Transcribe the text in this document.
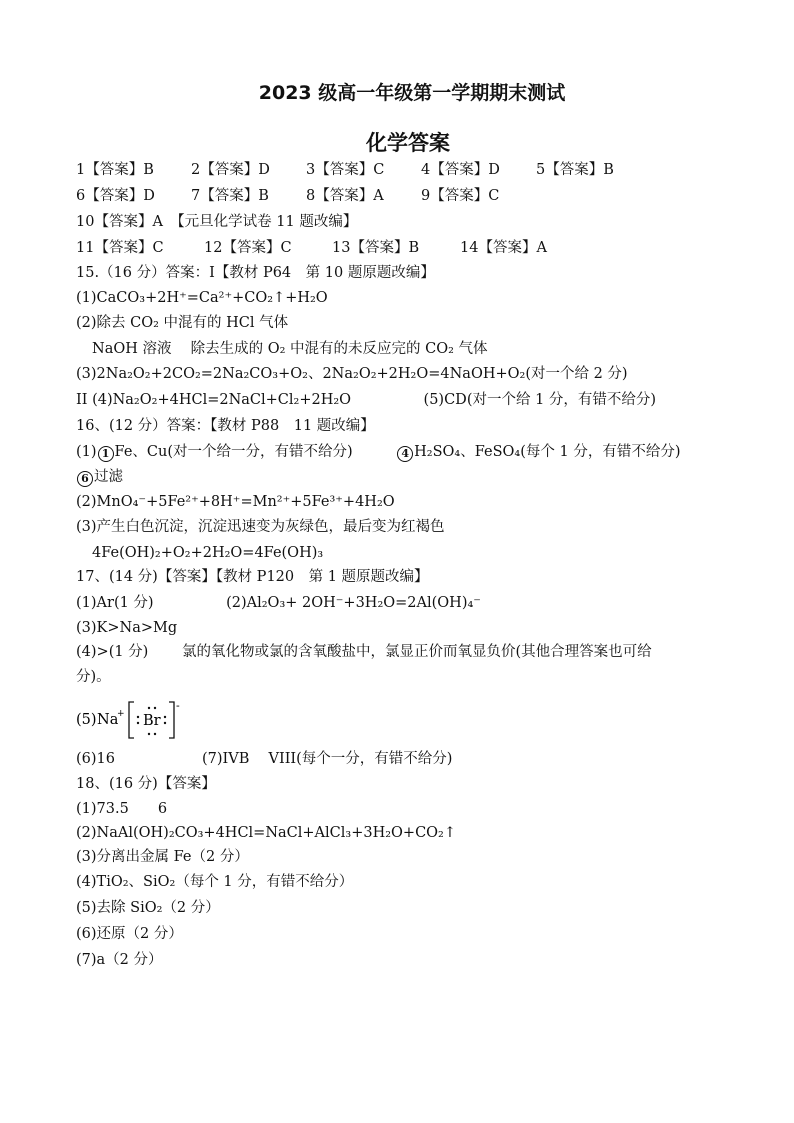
2023 级高一年级第一学期期末测试
化学答案
1【答案】B	2【答案】D 3【答案】C	4【答案】D 5【答案】B
6【答案】D 7【答案】B	8【答案】A	9【答案】C
10【答案】A　【元旦化学试卷 11 题改编】
11【答案】C	12【答案】C	13【答案】B	14【答案】A
15.（16 分）答案：I【教材 P64　第 10 题原题改编】
(1)CaCO₃+2H⁺=Ca²⁺+CO₂↑+H₂O
(2)除去 CO₂ 中混有的 HCl 气体
NaOH 溶液　 除去生成的 O₂ 中混有的未反应完的 CO₂ 气体
(3)2Na₂O₂+2CO₂=2Na₂CO₃+O₂、2Na₂O₂+2H₂O=4NaOH+O₂(对一个给 2 分)
II (4)Na₂O₂+4HCl=2NaCl+Cl₂+2H₂O　　　　　(5)CD(对一个给 1 分，有错不给分)
16、(12 分）答案：【教材 P88　11 题改编】
(1) 1 Fe、Cu(对一个给一分，有错不给分)　　　4 H₂SO₄、FeSO₄(每个 1 分，有错不给分)
6 过滤
(2)MnO₄⁻+5Fe²⁺+8H⁺=Mn²⁺+5Fe³⁺+4H₂O
(3)产生白色沉淀，沉淀迅速变为灰绿色，最后变为红褐色
4Fe(OH)₂+O₂+2H₂O=4Fe(OH)₃
17、(14 分)【答案】【教材 P120　第 1 题原题改编】
(1)Ar(1 分)　　　　　(2)Al₂O₃+ 2OH⁻+3H₂O=2Al(OH)₄⁻
(3)K>Na>Mg
(4)>(1 分)　　 氯的氧化物或氯的含氧酸盐中，氯显正价而氧显负价(其他合理答案也可给
分)。
(5) Na
+ Br
-
(6)16　　　　　　(7)IVB　 VIII(每个一分，有错不给分)
18、(16 分)【答案】
(1)73.5　　6
(2)NaAl(OH)₂CO₃+4HCl=NaCl+AlCl₃+3H₂O+CO₂↑
(3)分离出金属 Fe（2 分）
(4)TiO₂、SiO₂（每个 1 分，有错不给分）
(5)去除 SiO₂（2 分）
(6)还原（2 分）
(7)a（2 分）
